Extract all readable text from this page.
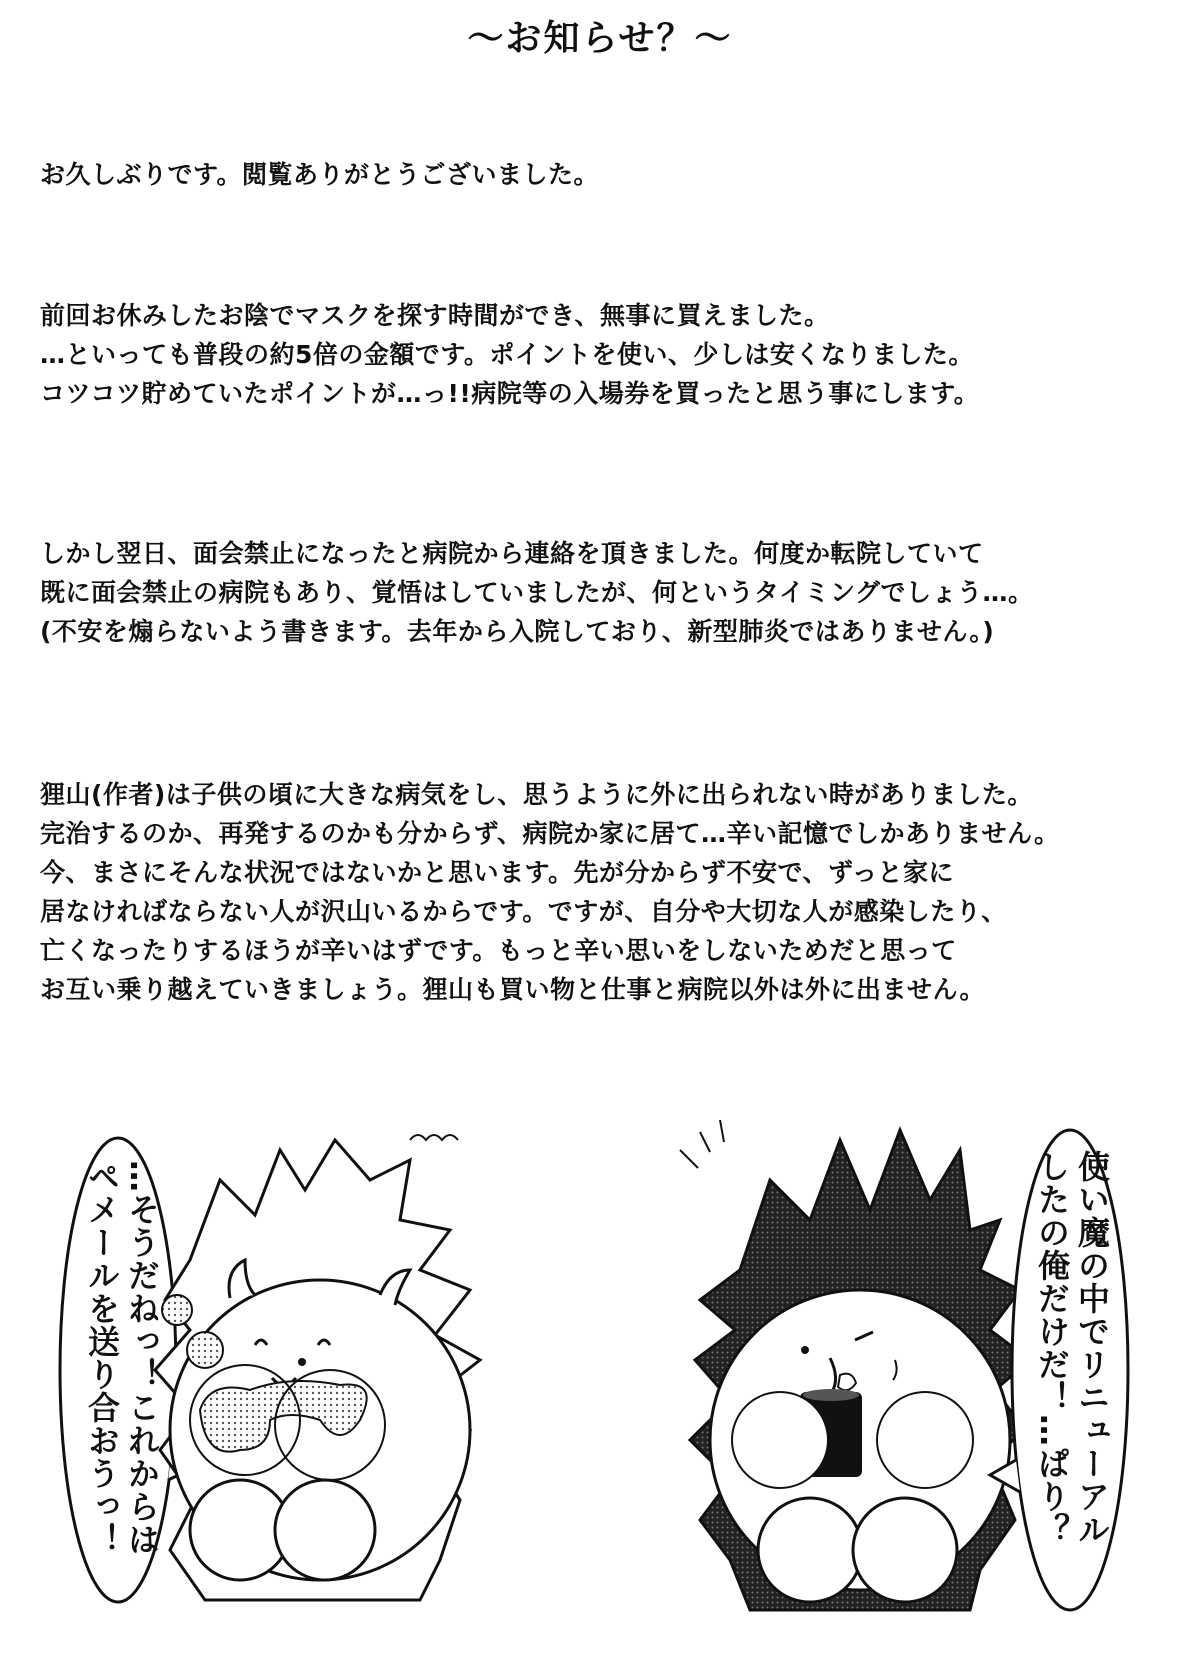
～お知らせ？～
お久しぶりです。閲覧ありがとうございました。
前回お休みしたお陰でマスクを探す時間ができ、無事に買えました。
…といっても普段の約5倍の金額です。ポイントを使い、少しは安くなりました。
コツコツ貯めていたポイントが…っ!!病院等の入場券を買ったと思う事にします。
しかし翌日、面会禁止になったと病院から連絡を頂きました。何度か転院していて
既に面会禁止の病院もあり、覚悟はしていましたが、何というタイミングでしょう…。
(不安を煽らないよう書きます。去年から入院しており、新型肺炎ではありません。)
狸山(作者)は子供の頃に大きな病気をし、思うように外に出られない時がありました。
完治するのか、再発するのかも分からず、病院か家に居て…辛い記憶でしかありません。
今、まさにそんな状況ではないかと思います。先が分からず不安で、ずっと家に
居なければならない人が沢山いるからです。ですが、自分や大切な人が感染したり、
亡くなったりするほうが辛いはずです。もっと辛い思いをしないためだと思って
お互い乗り越えていきましょう。狸山も買い物と仕事と病院以外は外に出ません。
…そうだねっ！これからは
ペメールを送り合おうっ！	使い魔の中でリニューアル
したの俺だけだ！…ぱり？
